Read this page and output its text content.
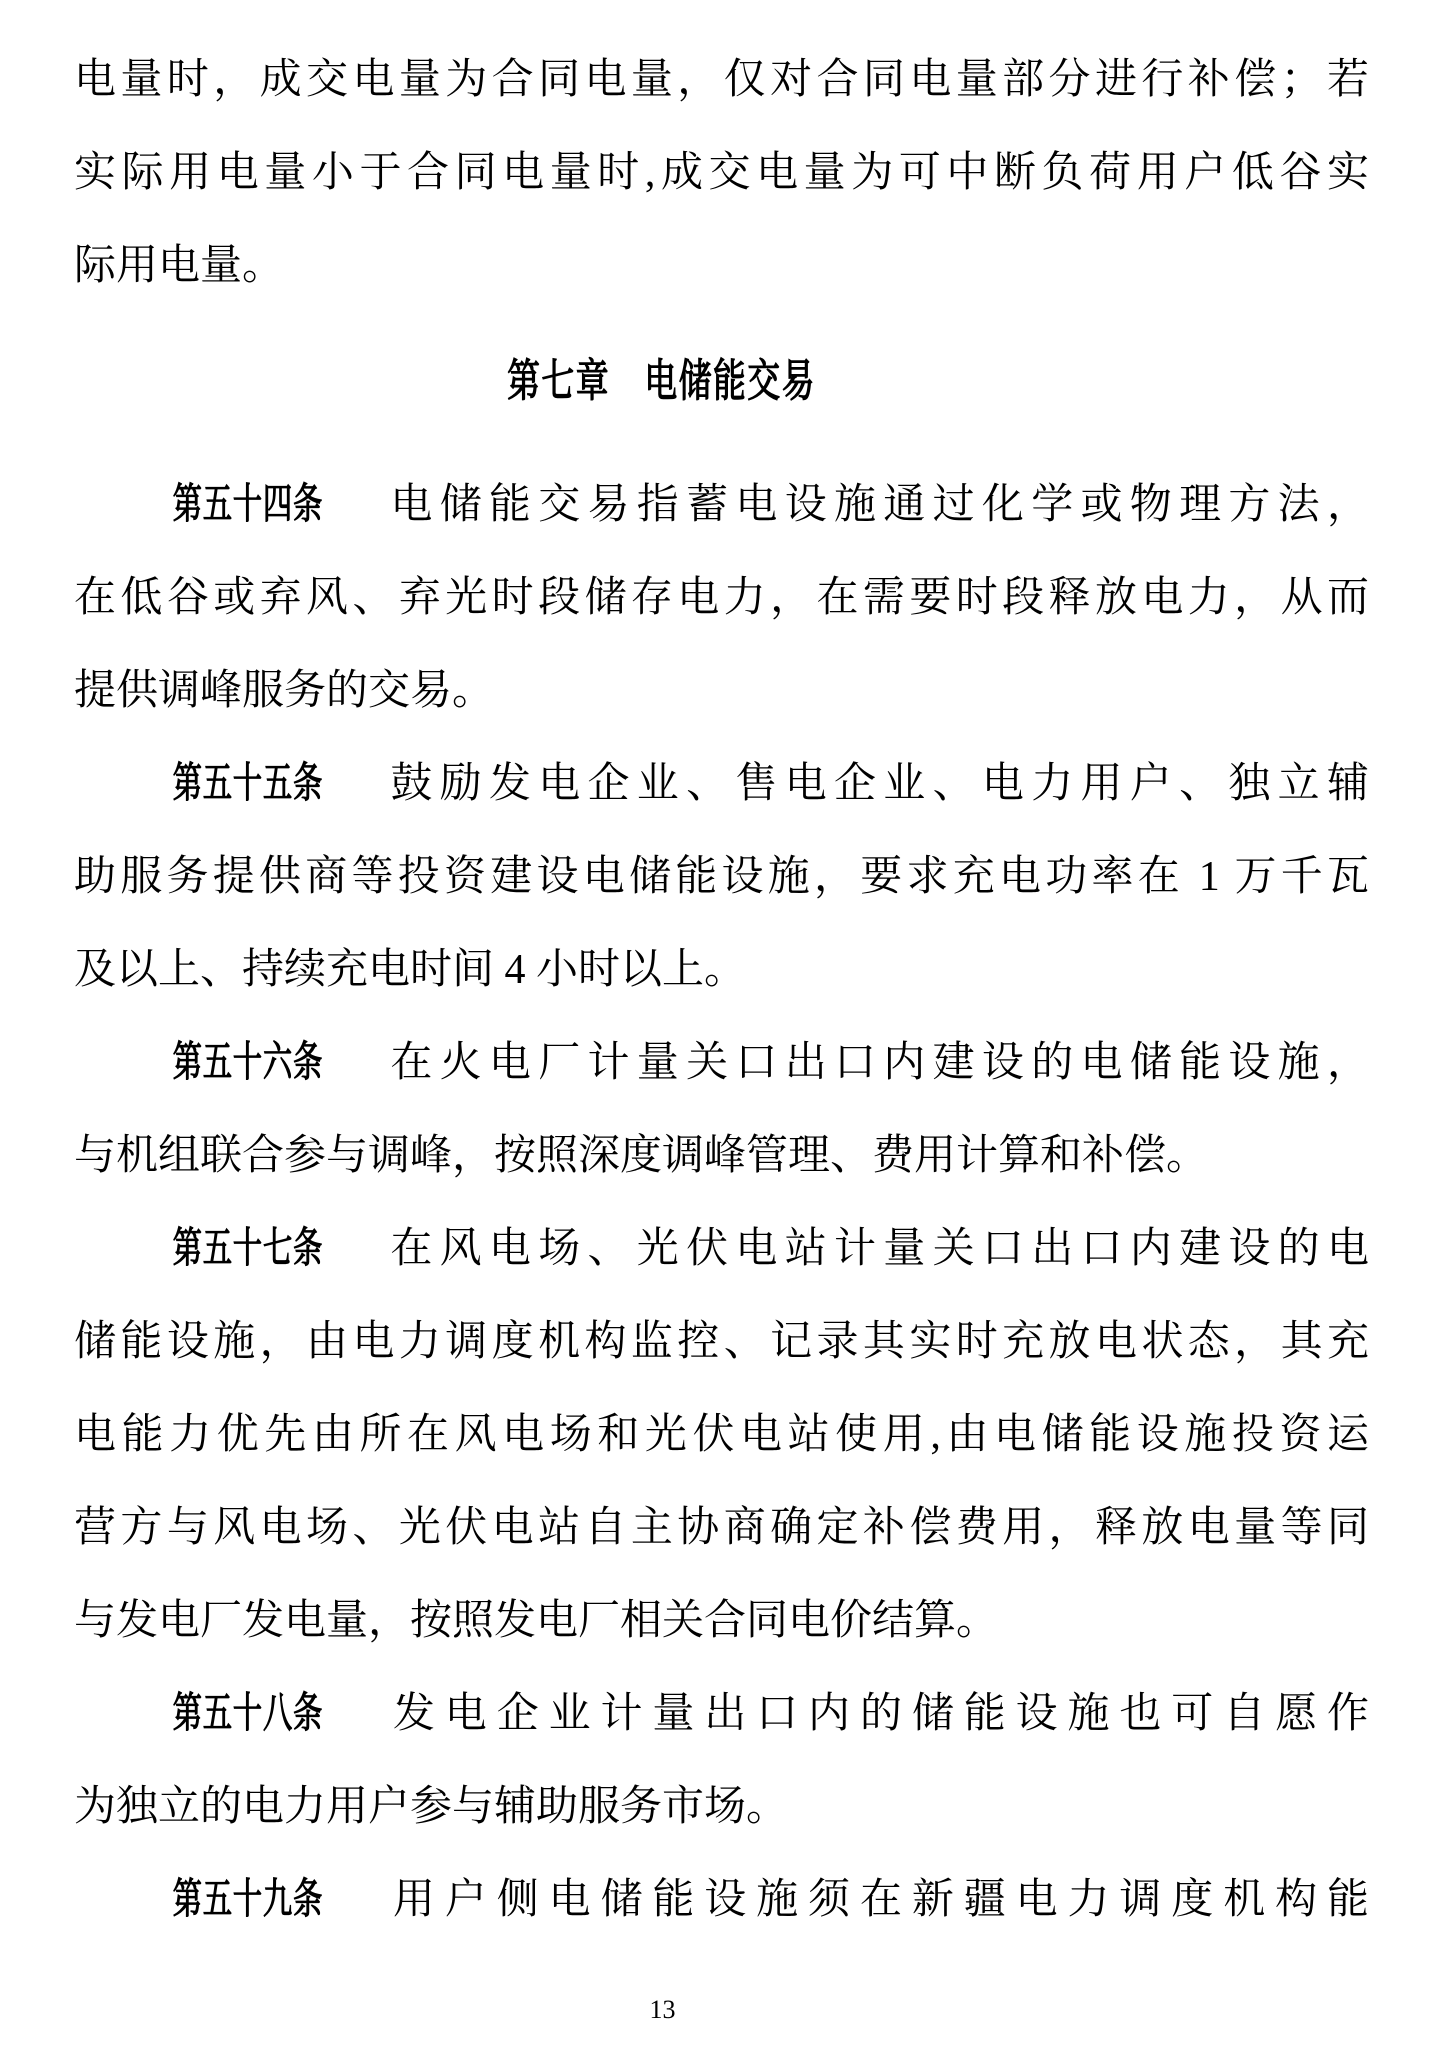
电量时，成交电量为合同电量，仅对合同电量部分进行补偿；若
实际用电量小于合同电量时,成交电量为可中断负荷用户低谷实
际用电量。
第七章　电储能交易
第五十四条 电储能交易指蓄电设施通过化学或物理方法，
在低谷或弃风、弃光时段储存电力，在需要时段释放电力，从而
提供调峰服务的交易。
第五十五条 鼓励发电企业、售电企业、电力用户、独立辅
助服务提供商等投资建设电储能设施，要求充电功率在 1 万千瓦
及以上、持续充电时间 4 小时以上。
第五十六条 在火电厂计量关口出口内建设的电储能设施，
与机组联合参与调峰，按照深度调峰管理、费用计算和补偿。
第五十七条 在风电场、光伏电站计量关口出口内建设的电
储能设施，由电力调度机构监控、记录其实时充放电状态，其充
电能力优先由所在风电场和光伏电站使用,由电储能设施投资运
营方与风电场、光伏电站自主协商确定补偿费用，释放电量等同
与发电厂发电量，按照发电厂相关合同电价结算。
第五十八条 发电企业计量出口内的储能设施也可自愿作
为独立的电力用户参与辅助服务市场。
第五十九条 用户侧电储能设施须在新疆电力调度机构能
13
